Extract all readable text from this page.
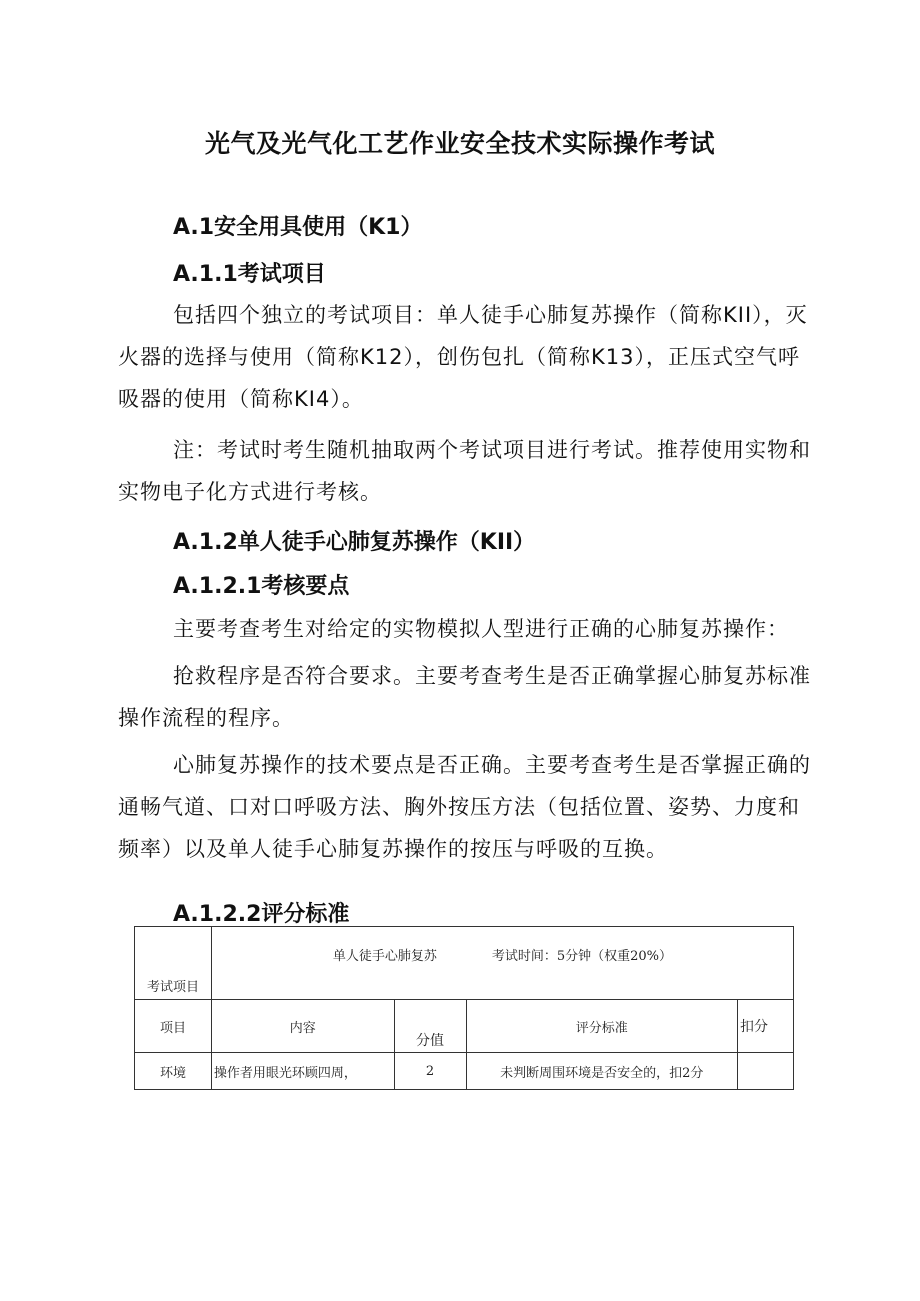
光气及光气化工艺作业安全技术实际操作考试
A.1安全用具使用（K1）
A.1.1考试项目

包括四个独立的考试项目：单人徒手心肺复苏操作（简称KII），灭火器的选择与使用（简称K12），创伤包扎（简称K13），正压式空气呼吸器的使用（简称KI4）。

注：考试时考生随机抽取两个考试项目进行考试。推荐使用实物和实物电子化方式进行考核。

A.1.2单人徒手心肺复苏操作（KII）
A.1.2.1考核要点

主要考查考生对给定的实物模拟人型进行正确的心肺复苏操作：

抢救程序是否符合要求。主要考查考生是否正确掌握心肺复苏标准操作流程的程序。

心肺复苏操作的技术要点是否正确。主要考查考生是否掌握正确的通畅气道、口对口呼吸方法、胸外按压方法（包括位置、姿势、力度和频率）以及单人徒手心肺复苏操作的按压与呼吸的互换。

A.1.2.2评分标准
考试项目	单人徒手心肺复苏 考试时间：5分钟（权重20%）			
项目	内容	分值	评分标准	扣分
环境	操作者用眼光环顾四周，	2	未判断周围环境是否安全的，扣2分	
